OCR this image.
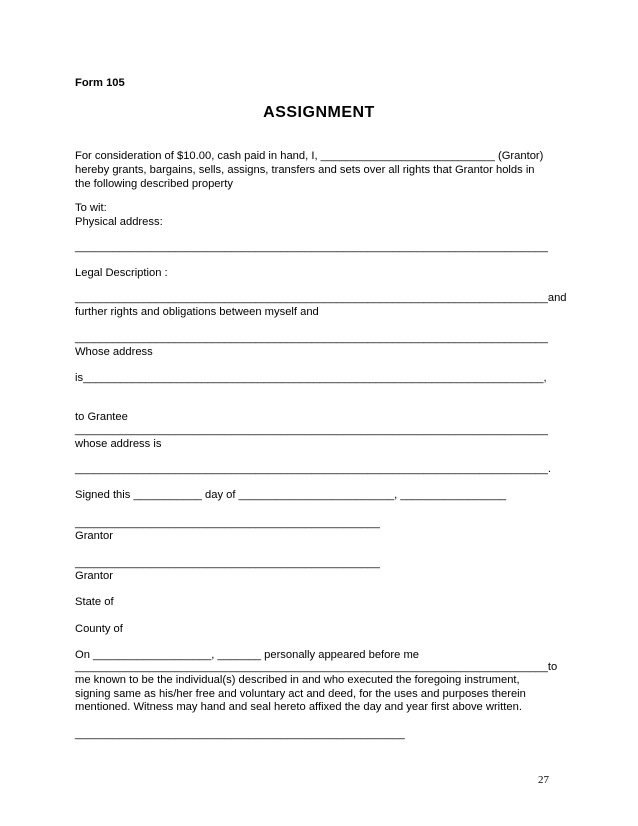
Form 105
ASSIGNMENT
For consideration of $10.00, cash paid in hand, I, ____________________________ (Grantor)
hereby grants, bargains, sells, assigns, transfers and sets over all rights that Grantor holds in
the following described property
To wit:
Physical address:
____________________________________________________________________________
Legal Description :
____________________________________________________________________________and
further rights and obligations between myself and
____________________________________________________________________________
Whose address
is__________________________________________________________________________,
to Grantee
____________________________________________________________________________
whose address is
____________________________________________________________________________.
Signed this ___________ day of _________________________, _________________
_________________________________________________
Grantor
_________________________________________________
Grantor
State of
County of
On ___________________, _______ personally appeared before me
____________________________________________________________________________to
me known to be the individual(s) described in and who executed the foregoing instrument,
signing same as his/her free and voluntary act and deed, for the uses and purposes therein
mentioned. Witness may hand and seal hereto affixed the day and year first above written.
_____________________________________________________
27
